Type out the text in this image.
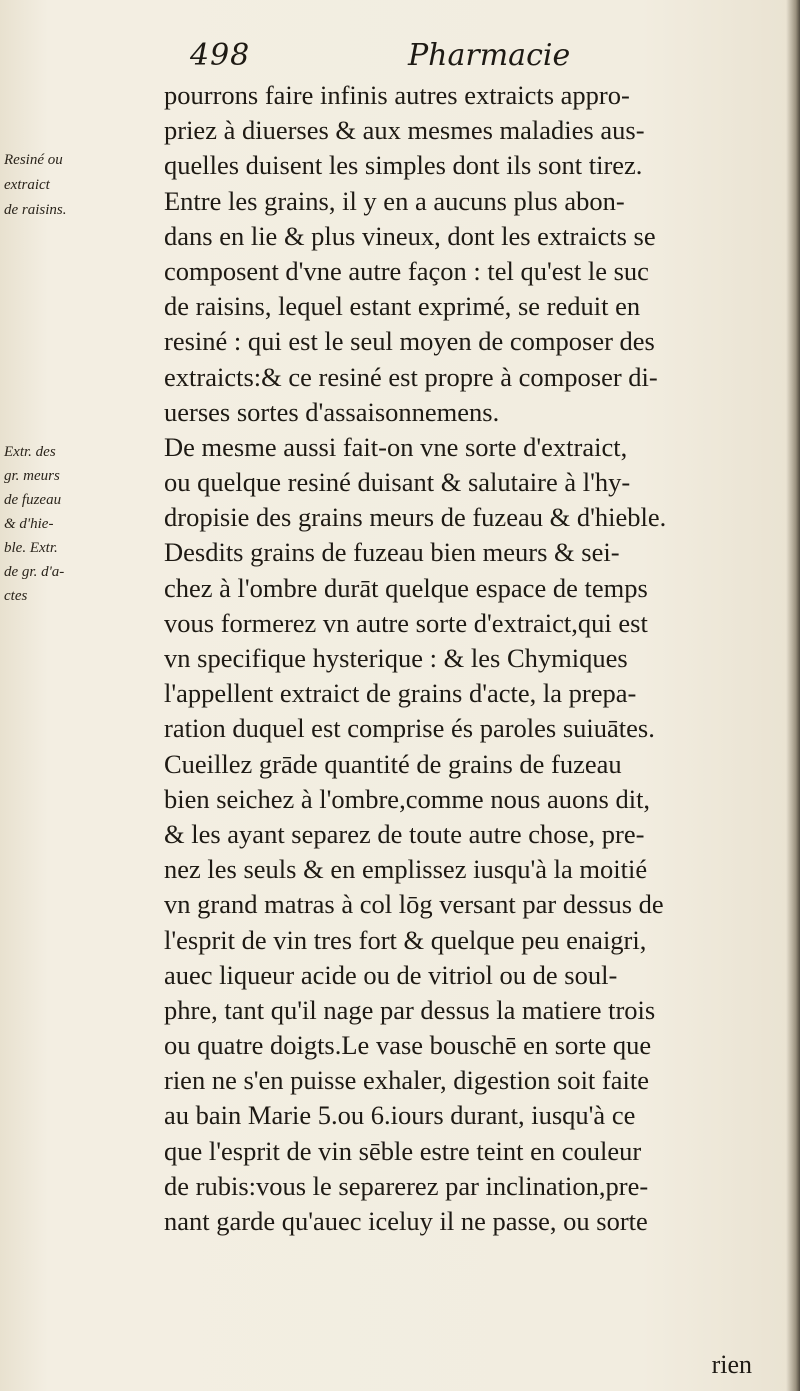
498	Pharmacie
Resiné ou
extraict
de raisins.
Extr. des
gr. meurs
de fuzeau
& d'hie-
ble. Extr.
de gr. d'a-
ctes
pourrons faire infinis autres extraicts appro-
priez à diuerses & aux mesmes maladies aus-
quelles duisent les simples dont ils sont tirez.
Entre les grains, il y en a aucuns plus abon-
dans en lie & plus vineux, dont les extraicts se
composent d'vne autre façon : tel qu'est le suc
de raisins, lequel estant exprimé, se reduit en
resiné : qui est le seul moyen de composer des
extraicts:& ce resiné est propre à composer di-
uerses sortes d'assaisonnemens.
De mesme aussi fait-on vne sorte d'extraict,
ou quelque resiné duisant & salutaire à l'hy-
dropisie des grains meurs de fuzeau & d'hieble.
Desdits grains de fuzeau bien meurs & sei-
chez à l'ombre durāt quelque espace de temps
vous formerez vn autre sorte d'extraict,qui est
vn specifique hysterique : & les Chymiques
l'appellent extraict de grains d'acte, la prepa-
ration duquel est comprise és paroles suiuātes.
Cueillez grāde quantité de grains de fuzeau
bien seichez à l'ombre,comme nous auons dit,
& les ayant separez de toute autre chose, pre-
nez les seuls & en emplissez iusqu'à la moitié
vn grand matras à col lōg versant par dessus de
l'esprit de vin tres fort & quelque peu enaigri,
auec liqueur acide ou de vitriol ou de soul-
phre, tant qu'il nage par dessus la matiere trois
ou quatre doigts.Le vase bouschē en sorte que
rien ne s'en puisse exhaler, digestion soit faite
au bain Marie 5.ou 6.iours durant, iusqu'à ce
que l'esprit de vin sēble estre teint en couleur
de rubis:vous le separerez par inclination,pre-
nant garde qu'auec iceluy il ne passe, ou sorte
rien
